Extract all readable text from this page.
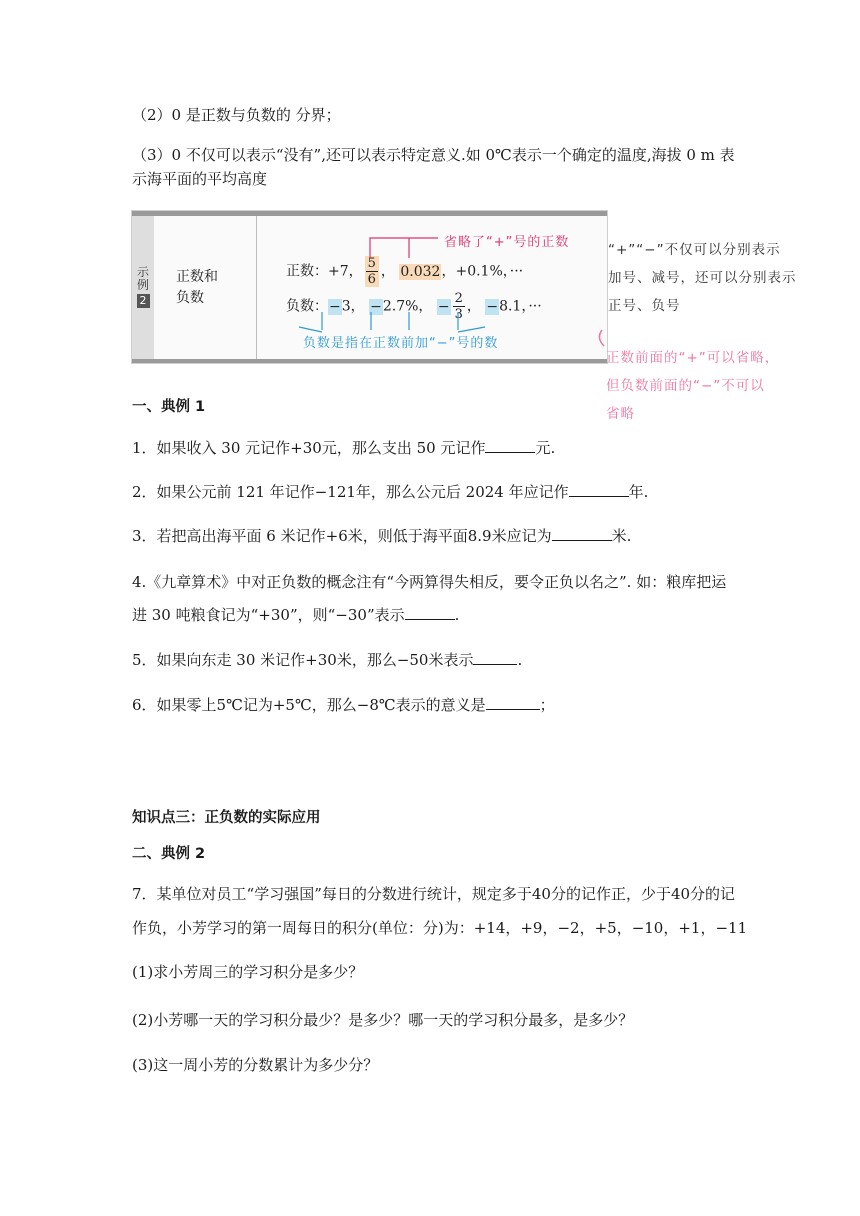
（2）0 是正数与负数的 分界；
（3）0 不仅可以表示“没有”,还可以表示特定意义.如 0℃表示一个确定的温度,海拔 0 m 表
示海平面的平均高度
示
例
2
正数和
负数
正数：+7， $\frac{5}{6}$ ， 0.032，+0.1%，···
负数：−3， −2.7%， − $\frac{2}{3}$ ， −8.1，···
省略了“+”号的正数
负数是指在正数前加“−”号的数
“+”“−”不仅可以分别表示
加号、减号，还可以分别表示
正号、负号
正数前面的“+”可以省略，
但负数前面的“−”不可以
省略
一、典例 1
1．如果收入 30 元记作+30元，那么支出 50 元记作	元.
2．如果公元前 121 年记作−121年，那么公元后 2024 年应记作	年.
3．若把高出海平面 6 米记作+6米，则低于海平面8.9米应记为	米.
4.《九章算术》中对正负数的概念注有“今两算得失相反，要令正负以名之”. 如：粮库把运
进 30 吨粮食记为“+30”，则“−30”表示	.
5．如果向东走 30 米记作+30米，那么−50米表示	.
6．如果零上5℃记为+5℃，那么−8℃表示的意义是	；
知识点三：正负数的实际应用
二、典例 2
7．某单位对员工“学习强国”每日的分数进行统计，规定多于40分的记作正，少于40分的记
作负，小芳学习的第一周每日的积分(单位：分)为：+14，+9，−2，+5，−10，+1，−11
(1)求小芳周三的学习积分是多少？
(2)小芳哪一天的学习积分最少？是多少？哪一天的学习积分最多，是多少？
(3)这一周小芳的分数累计为多少分？
